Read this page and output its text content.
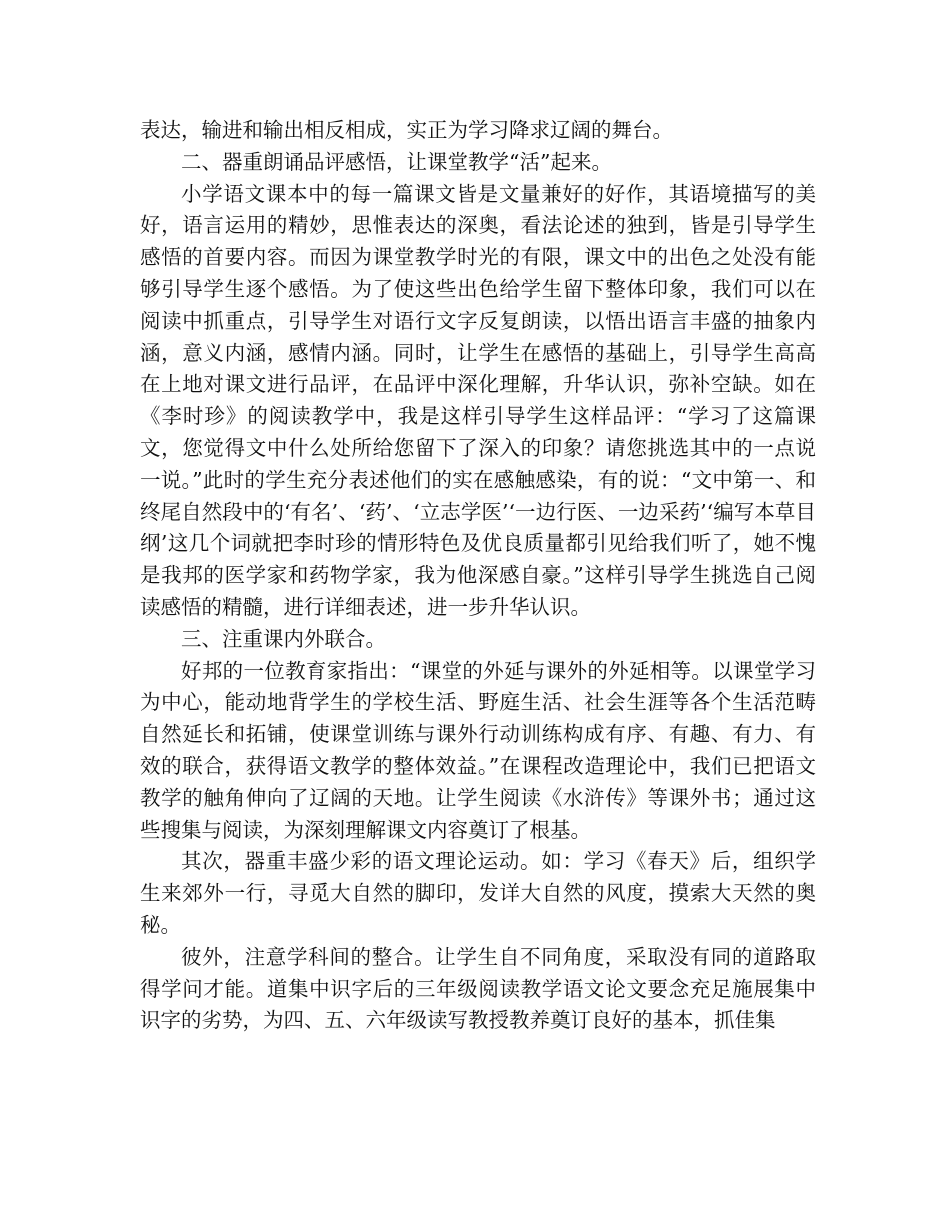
表达，输进和输出相反相成，实正为学习降求辽阔的舞台。

二、器重朗诵品评感悟，让课堂教学“活”起来。

小学语文课本中的每一篇课文皆是文量兼好的好作，其语境描写的美好，语言运用的精妙，思惟表达的深奥，看法论述的独到，皆是引导学生感悟的首要内容。而因为课堂教学时光的有限，课文中的出色之处没有能够引导学生逐个感悟。为了使这些出色给学生留下整体印象，我们可以在阅读中抓重点，引导学生对语行文字反复朗读，以悟出语言丰盛的抽象内涵，意义内涵，感情内涵。同时，让学生在感悟的基础上，引导学生高高在上地对课文进行品评，在品评中深化理解，升华认识，弥补空缺。如在《李时珍》的阅读教学中，我是这样引导学生这样品评：“学习了这篇课文，您觉得文中什么处所给您留下了深入的印象？请您挑选其中的一点说一说。”此时的学生充分表述他们的实在感触感染，有的说：“文中第一、和终尾自然段中的‘有名’、‘药’、‘立志学医’‘一边行医、一边采药’‘编写本草目纲’这几个词就把李时珍的情形特色及优良质量都引见给我们听了，她不愧是我邦的医学家和药物学家，我为他深感自豪。”这样引导学生挑选自己阅读感悟的精髓，进行详细表述，进一步升华认识。

三、注重课内外联合。

好邦的一位教育家指出：“课堂的外延与课外的外延相等。以课堂学习为中心，能动地背学生的学校生活、野庭生活、社会生涯等各个生活范畴自然延长和拓铺，使课堂训练与课外行动训练构成有序、有趣、有力、有效的联合，获得语文教学的整体效益。”在课程改造理论中，我们已把语文教学的触角伸向了辽阔的天地。让学生阅读《水浒传》等课外书；通过这些搜集与阅读，为深刻理解课文内容奠订了根基。

其次，器重丰盛少彩的语文理论运动。如：学习《春天》后，组织学生来郊外一行，寻觅大自然的脚印，发详大自然的风度，摸索大天然的奥秘。

彼外，注意学科间的整合。让学生自不同角度，采取没有同的道路取得学问才能。道集中识字后的三年级阅读教学语文论文要念充足施展集中识字的劣势，为四、五、六年级读写教授教养奠订良好的基本，抓佳集
